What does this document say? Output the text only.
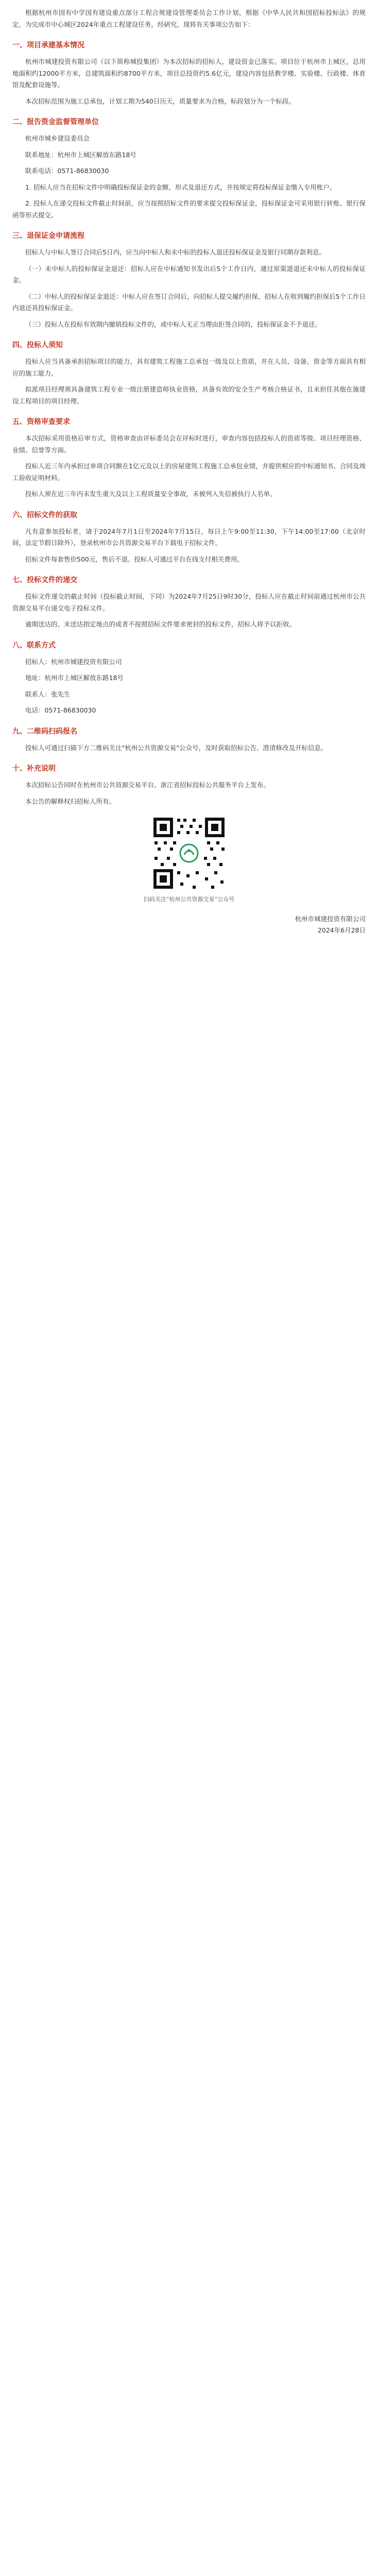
根据杭州市国有中学国有建设重点部分工程合规建设管理委员会工作计划，根据《中华人民共和国招标投标法》的规定，为完成市中心城区2024年重点工程建设任务，经研究，现将有关事项公告如下：

一、项目承建基本情况

杭州市城建投资有限公司（以下简称城投集团）为本次招标的招标人，建设资金已落实。项目位于杭州市上城区，总用地面积约12000平方米，总建筑面积约8700平方米，项目总投资约5.6亿元，建设内容包括教学楼、实验楼、行政楼、体育馆及配套设施等。

本次招标范围为施工总承包，计划工期为540日历天，质量要求为合格，标段划分为一个标段。

二、报告资金监督管理单位

杭州市城乡建设委员会

联系地址：杭州市上城区解放东路18号

联系电话：0571-86830030

1. 招标人应当在招标文件中明确投标保证金的金额、形式及退还方式，并按规定将投标保证金缴入专用账户。

2. 投标人在递交投标文件截止时间前，应当按照招标文件的要求提交投标保证金，投标保证金可采用银行转账、银行保函等形式提交。

三、退保证金申请流程

招标人与中标人签订合同后5日内，应当向中标人和未中标的投标人退还投标保证金及银行同期存款利息。

（一）未中标人的投标保证金退还：招标人应在中标通知书发出后5个工作日内，通过原渠道退还未中标人的投标保证金。

（二）中标人的投标保证金退还：中标人应在签订合同后，向招标人提交履约担保，招标人在收到履约担保后5个工作日内退还其投标保证金。

（三）投标人在投标有效期内撤销投标文件的，或中标人无正当理由拒签合同的，投标保证金不予退还。

四、投标人须知

投标人应当具备承担招标项目的能力，具有建筑工程施工总承包一级及以上资质，并在人员、设备、资金等方面具有相应的施工能力。

拟派项目经理须具备建筑工程专业一级注册建造师执业资格，具备有效的安全生产考核合格证书，且未担任其他在施建设工程项目的项目经理。

五、资格审查要求

本次招标采用资格后审方式，资格审查由评标委员会在评标时进行，审查内容包括投标人的资质等级、项目经理资格、业绩、信誉等方面。

投标人近三年内承担过单项合同额在1亿元及以上的房屋建筑工程施工总承包业绩，并提供相应的中标通知书、合同及竣工验收证明材料。

投标人须在近三年内未发生重大及以上工程质量安全事故，未被列入失信被执行人名单。

六、招标文件的获取

凡有意参加投标者，请于2024年7月1日至2024年7月15日，每日上午9:00至11:30，下午14:00至17:00（北京时间，法定节假日除外），登录杭州市公共资源交易平台下载电子招标文件。

招标文件每套售价500元，售后不退。投标人可通过平台在线支付相关费用。

七、投标文件的递交

投标文件递交的截止时间（投标截止时间，下同）为2024年7月25日9时30分，投标人应在截止时间前通过杭州市公共资源交易平台递交电子投标文件。

逾期送达的、未送达指定地点的或者不按照招标文件要求密封的投标文件，招标人将予以拒收。

八、联系方式

招标人：杭州市城建投资有限公司

地址：杭州市上城区解放东路18号

联系人：张先生

电话：0571-86830030

九、二维码扫码报名

投标人可通过扫描下方二维码关注"杭州公共资源交易"公众号，及时获取招标公告、澄清修改及开标信息。

十、补充说明

本次招标公告同时在杭州市公共资源交易平台、浙江省招标投标公共服务平台上发布。

本公告的解释权归招标人所有。

扫码关注“杭州公共资源交易”公众号
杭州市城建投资有限公司
2024年6月28日
